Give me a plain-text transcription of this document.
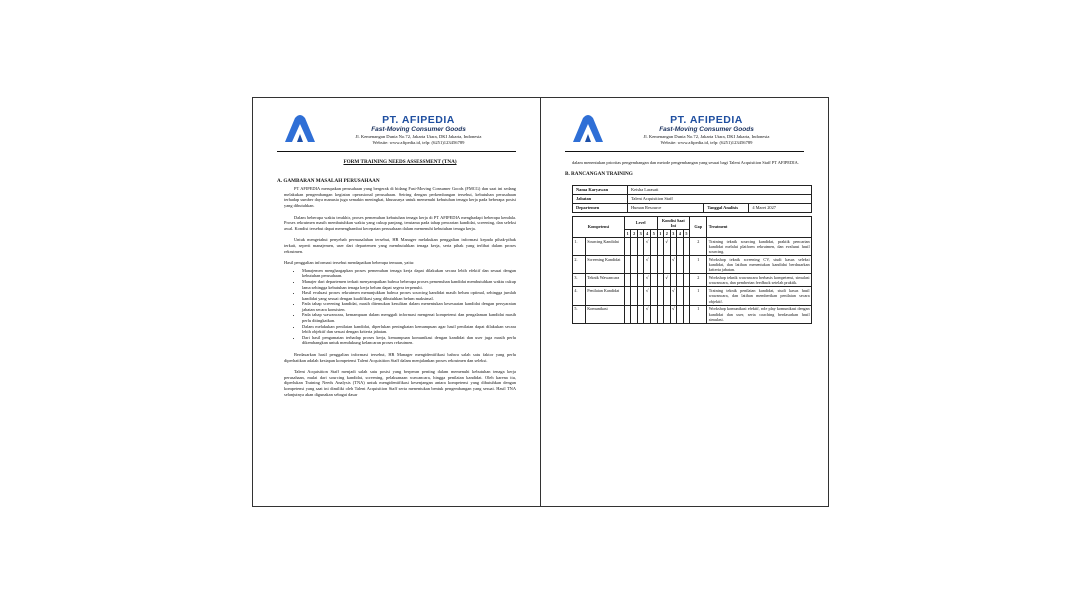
PT. AFIPEDIA
Fast-Moving Consumer Goods
Jl. Kemenangan Dunia No.72, Jakarta Utara, DKI Jakarta, Indonesia
Website: www.afipedia.id, telp: (6251)123456789
FORM TRAINING NEEDS ASSESSMENT (TNA)
A. GAMBARAN MASALAH PERUSAHAAN

PT AFIPEDIA merupakan perusahaan yang bergerak di bidang Fast-Moving Consumer Goods (FMCG) dan saat ini sedang melakukan pengembangan kegiatan operasional perusahaan. Seiring dengan perkembangan tersebut, kebutuhan perusahaan terhadap sumber daya manusia juga semakin meningkat, khususnya untuk memenuhi kebutuhan tenaga kerja pada beberapa posisi yang dibutuhkan.

Dalam beberapa waktu terakhir, proses pemenuhan kebutuhan tenaga kerja di PT AFIPEDIA menghadapi beberapa kendala. Proses rekrutmen masih membutuhkan waktu yang cukup panjang, terutama pada tahap pencarian kandidat, screening, dan seleksi awal. Kondisi tersebut dapat menenghambat kecepatan perusahaan dalam memenuhi kebutuhan tenaga kerja.

Untuk mengetahui penyebab permasalahan tersebut, HR Manager melakukan penggalian informasi kepada pihak-pihak terkait, seperti manajemen, user dari departemen yang membutuhkan tenaga kerja, serta pihak yang terlibat dalam proses rekrutmen.

Hasil penggalian informasi tersebut mendapatkan beberapa temuan, yaitu:

• Manajemen menghargapkan proses pemenuhan tenaga kerja dapat dilakukan secara lebih efektif dan sesuai dengan kebutuhan perusahaan.
• Manajer dari departemen terkait menyampaikan bahwa beberapa proses pemenuhan kandidat membutuhkan waktu cukup lama sehingga kebutuhan tenaga kerja belum dapat segera terpenuhi.
• Hasil evaluasi proses rekrutmen menunjukkan bahwa proses sourcing kandidat masih belum optimal, sehingga jumlah kandidat yang sesuai dengan kualifikasi yang dibutuhkan belum maksimal.
• Pada tahap screening kandidat, masih ditemukan kesulitan dalam menentukan kesesuaian kandidat dengan persyaratan jabatan secara konsisten.
• Pada tahap wawancara, kemampuan dalam menggali informasi mengenai kompetensi dan pengalaman kandidat masih perlu ditingkatkan.
• Dalam melakukan penilaian kandidat, diperlukan peningkatan kemampuan agar hasil penilaian dapat dilakukan secara lebih objektif dan sesuai dengan kriteria jabatan.
• Dari hasil pengamatan terhadap proses kerja, kemampuan komunikasi dengan kandidat dan user juga masih perlu dikembangkan untuk mendukung kelancaran proses rekrutmen.

Berdasarkan hasil penggalian informasi tersebut, HR Manager mengidentifikasi bahwa salah satu faktor yang perlu diperhatikan adalah kesiapan kompetensi Talent Acquisition Staff dalam menjalankan proses rekrutmen dan seleksi.

Talent Acquisition Staff menjadi salah satu posisi yang berperan penting dalam memenuhi kebutuhan tenaga kerja perusahaan, mulai dari sourcing kandidat, screening, pelaksanaan wawancara, hingga penilaian kandidat. Oleh karena itu, diperlukan Training Needs Analysis (TNA) untuk mengidentifikasi kesenjangan antara kompetensi yang dibutuhkan dengan kompetensi yang saat ini dimiliki oleh Talent Acquisition Staff serta menentukan bentuk pengembangan yang sesuai. Hasil TNA selanjutnya akan digunakan sebagai dasar

PT. AFIPEDIA
Fast-Moving Consumer Goods
Jl. Kemenangan Dunia No.72, Jakarta Utara, DKI Jakarta, Indonesia
Website: www.afipedia.id, telp: (6251)123456789

dalam menentukan prioritas pengembangan dan metode pengembangan yang sesuai bagi Talent Acquisition Staff PT AFIPEDIA.

B. RANCANGAN TRAINING
Nama Karyawan	Keisha Larasati		
Jabatan	Talent Acquisition Staff		
Departemen	Human Resource	Tanggal Analisis	4 Maret 2027
Kompetensi		Level					Kondisi Saat Ini					Gap	Treatment
		1	2	3	4	5	1	2	3	4	5		
1.	Sourcing Kandidat				√			√				2	Training teknik sourcing kandidat, praktik pencarian kandidat melalui platform rekrutmen, dan evaluasi hasil sourcing.
2.	Screening Kandidat				√				√			1	Workshop teknik screening CV, studi kasus seleksi kandidat, dan latihan menentukan kandidat berdasarkan kriteria jabatan.
3.	Teknik Wawancara				√			√				2	Workshop teknik wawancara berbasis kompetensi, simulasi wawancara, dan pemberian feedback setelah praktik.
4.	Penilaian Kandidat				√				√			1	Training teknik penilaian kandidat, studi kasus hasil wawancara, dan latihan memberikan penilaian secara objektif.
5.	Komunikasi				√				√			1	Workshop komunikasi efektif, role play komunikasi dengan kandidat dan user, serta coaching berdasarkan hasil simulasi.
